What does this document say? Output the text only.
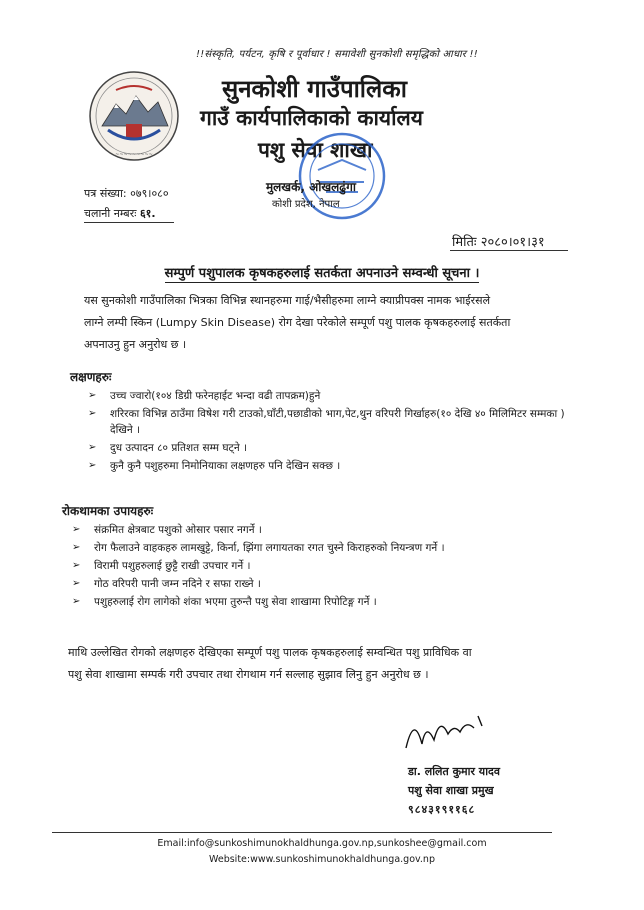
~~~~~~~~~
!!संस्कृति, पर्यटन, कृषि र पूर्वाधार ! समावेशी सुनकोशी समृद्धिको आधार !!
सुनकोशी गाउँपालिका
गाउँ कार्यपालिकाको कार्यालय
पशु सेवा शाखा
मुलखर्क, ओखलढुंगा
कोशी प्रदेश, नेपाल
पत्र संख्या: ०७९।०८०
चलानी नम्बरः ६१.
मितिः २०८०।०१।३१
सम्पुर्ण पशुपालक कृषकहरुलाई सतर्कता अपनाउने सम्वन्धी सूचना ।
यस सुनकोशी गाउँपालिका भित्रका विभिन्न स्थानहरुमा गाई/भैसीहरुमा लाग्ने क्याप्रीपक्स नामक भाईरसले
लाग्ने लम्पी स्किन (Lumpy Skin Disease) रोग देखा परेकोले सम्पूर्ण पशु पालक कृषकहरुलाई सतर्कता
अपनाउनु हुन अनुरोध छ ।
लक्षणहरुः
➢ उच्च ज्वारो(१०४ डिग्री फरेनहाईट भन्दा वढी तापक्रम)हुने
➢ शरिरका विभिन्न ठाउँमा विषेश गरी टाउको,घाँटी,पछाडीको भाग,पेट,थुन वरिपरी गिर्खाहरु(१० देखि ४० मिलिमिटर सम्मका ) देखिने ।
➢ दुध उत्पादन ८० प्रतिशत सम्म घट्ने ।
➢ कुनै कुनै पशुहरुमा निमोनियाका लक्षणहरु पनि देखिन सक्छ ।
रोकथामका उपायहरुः
➢ संक्रमित क्षेत्रबाट पशुको ओसार पसार नगर्ने ।
➢ रोग फैलाउने वाहकहरु लामखुट्टे, किर्ना, झिंगा लगायतका रगत चुस्ने किराहरुको नियन्त्रण गर्ने ।
➢ विरामी पशुहरुलाई छुट्टै राखी उपचार गर्ने ।
➢ गोठ वरिपरी पानी जम्न नदिने र सफा राख्ने ।
➢ पशुहरुलाई रोग लागेको शंका भएमा तुरुन्तै पशु सेवा शाखामा रिपोटिङ्ग गर्ने ।
माथि उल्लेखित रोगको लक्षणहरु देखिएका सम्पूर्ण पशु पालक कृषकहरुलाई सम्वन्धित पशु प्राविधिक वा
पशु सेवा शाखामा सम्पर्क गरी उपचार तथा रोगथाम गर्न सल्लाह सुझाव लिनु हुन अनुरोध छ ।
डा. ललित कुमार यादव
पशु सेवा शाखा प्रमुख
९८४३१९११६८
Email:info@sunkoshimunokhaldhunga.gov.np,sunkoshee@gmail.com
Website:www.sunkoshimunokhaldhunga.gov.np
